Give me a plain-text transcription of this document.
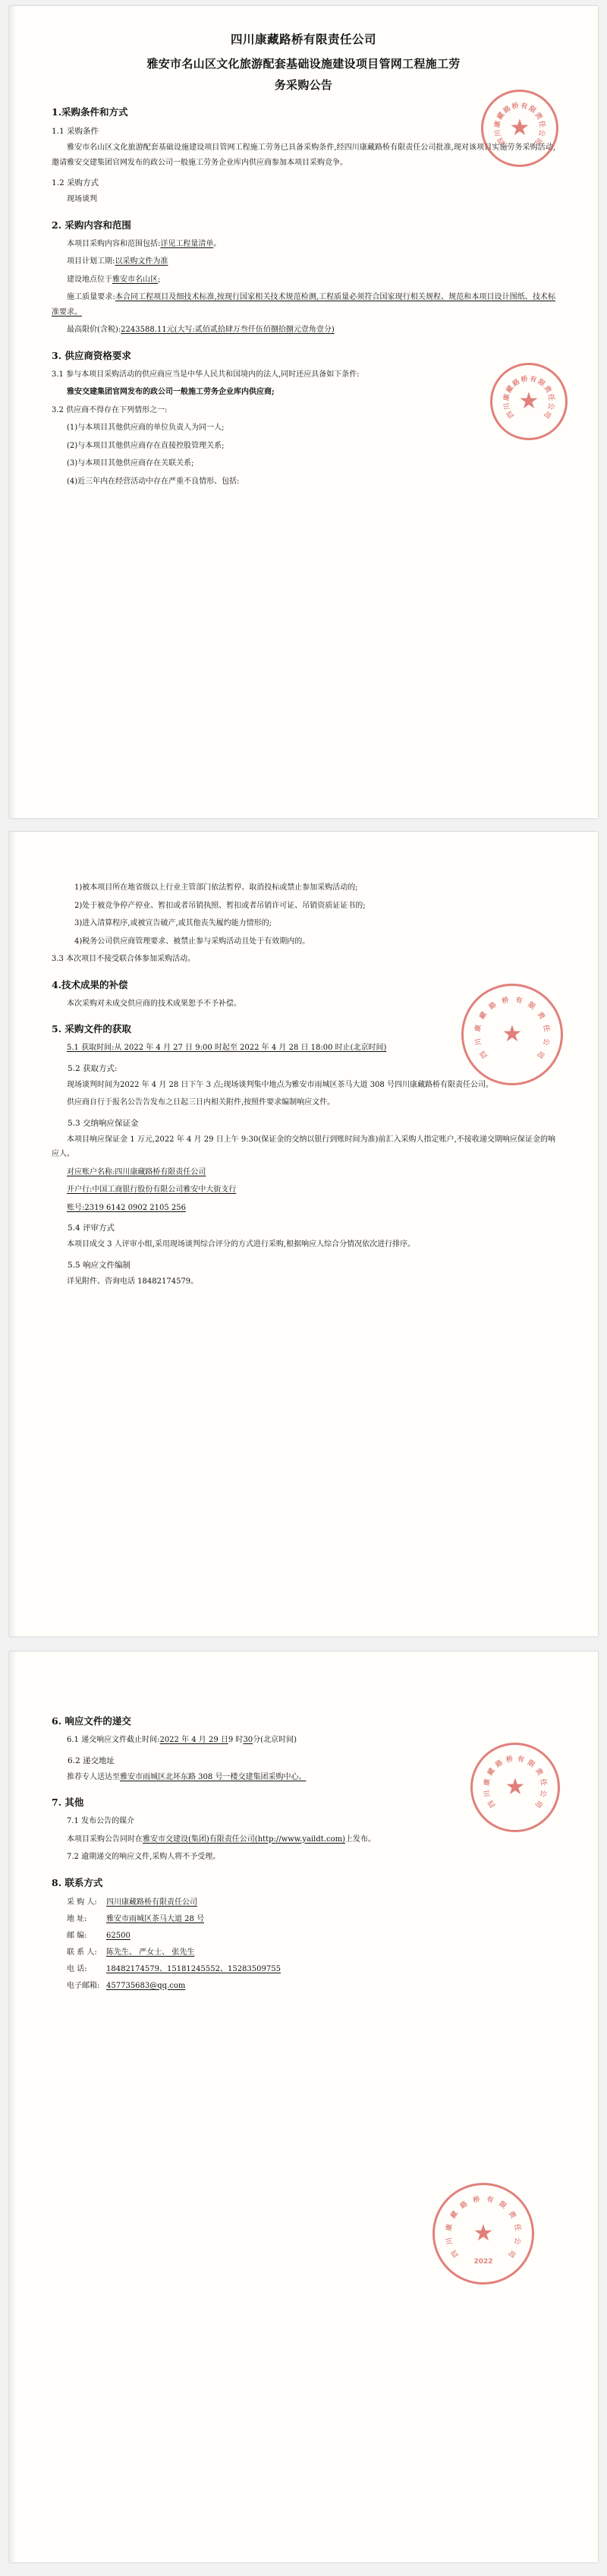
四
川
康
藏
路
桥 有
限
责
任
公
司
★
四
川
康
藏
路
桥 有
限
责
任
公
司
★
四川康藏路桥有限责任公司
雅安市名山区文化旅游配套基础设施建设项目管网工程施工劳
务采购公告
1.采购条件和方式
1.1 采购条件

雅安市名山区文化旅游配套基础设施建设项目管网工程施工劳务已具备采购条件,经四川康藏路桥有限责任公司批准,现对该项目实施劳务采购活动,邀请雅安交建集团官网发布的政公司一般施工劳务企业库内供应商参加本项目采购竞争。

1.2 采购方式

现场谈判

2. 采购内容和范围

本项目采购内容和范围包括:详见工程量清单。

项目计划工期:以采购文件为准

建设地点位于雅安市名山区;

施工质量要求:本合同工程项目及细技术标准,按现行国家相关技术规范检测,工程质量必须符合国家现行相关规程、规范和本项目设计图纸、技术标准要求。

最高限价(含税):2243588.11元(大写:贰佰贰拾肆万叁仟伍佰捌拾捌元壹角壹分)

3. 供应商资格要求

3.1 参与本项目采购活动的供应商应当是中华人民共和国境内的法人,同时还应具备如下条件:

雅安交建集团官网发布的政公司一般施工劳务企业库内供应商;

3.2 供应商不得存在下列情形之一:

(1)与本项目其他供应商的单位负责人为同一人;

(2)与本项目其他供应商存在直接控股管理关系;

(3)与本项目其他供应商存在关联关系;

(4)近三年内在经营活动中存在严重不良情形、包括:

四
川
康
藏
路
桥 有
限
责
任
公
司
★

1)被本项目所在地省级以上行业主管部门依法暂停、取消投标或禁止参加采购活动的;

2)处于被竞争停产停业、暂扣或者吊销执照、暂扣或者吊销许可证、吊销资质证证书的;

3)进入清算程序,或被宣告破产,或其他丧失履约能力情形的;

4)税务公司供应商管理要求、被禁止参与采购活动且处于有效期内的。

3.3 本次项目不接受联合体参加采购活动。

4.技术成果的补偿

本次采购对未成交供应商的技术成果恕予不予补偿。

5. 采购文件的获取

5.1 获取时间:从 2022 年 4 月 27 日 9:00 时起至 2022 年 4 月 28 日 18:00 时止(北京时间)

5.2 获取方式:

现场谈判时间为2022 年 4 月 28 日下午 3 点;现场谈判集中地点为雅安市雨城区茶马大道 308 号四川康藏路桥有限责任公司。

供应商自行于报名公告告发布之日起三日内相关附件,按照件要求编制响应文件。

5.3 交纳响应保证金

本项目响应保证金 1 万元,2022 年 4 月 29 日上午 9:30(保证金的交纳以银行到账时间为准)前汇入采购人指定账户,不接收递交期响应保证金的响应人。

对应账户名称:四川康藏路桥有限责任公司

开户行:中国工商银行股份有限公司雅安中大街支行

账号:2319 6142 0902 2105 256

5.4 评审方式

本项目成交 3 人评审小组,采用现场谈判综合评分的方式进行采购,根据响应人综合分情况依次进行排序。

5.5 响应文件编制

详见附件、咨询电话 18482174579。

四
川
康
藏
路 桥 有 限
责
任
公
司
★
四
川
康
藏
路
桥 有
限
责
任
公
司
★
2022
6. 响应文件的递交

6.1 递交响应文件截止时间:2022 年 4 月 29 日9 时30分(北京时间)

6.2 递交地址

推荐专人送达至雅安市雨城区北坏东路 308 号一楼交建集团采购中心。

7. 其他

7.1 发布公告的媒介

本项目采购公告同时在雅安市交建设(集团)有限责任公司(http://www.yaildt.com)上发布。

7.2 逾期递交的响应文件,采购人将不予受理。

8. 联系方式
采 购 人: 四川康藏路桥有限责任公司
地 址:	雅安市雨城区茶马大道 28 号
邮 编:	62500
联 系 人: 陈先生、 严女士、 张先生
电 话:	18482174579、15181245552、15283509755
电子邮箱: 457735683@qq.com
